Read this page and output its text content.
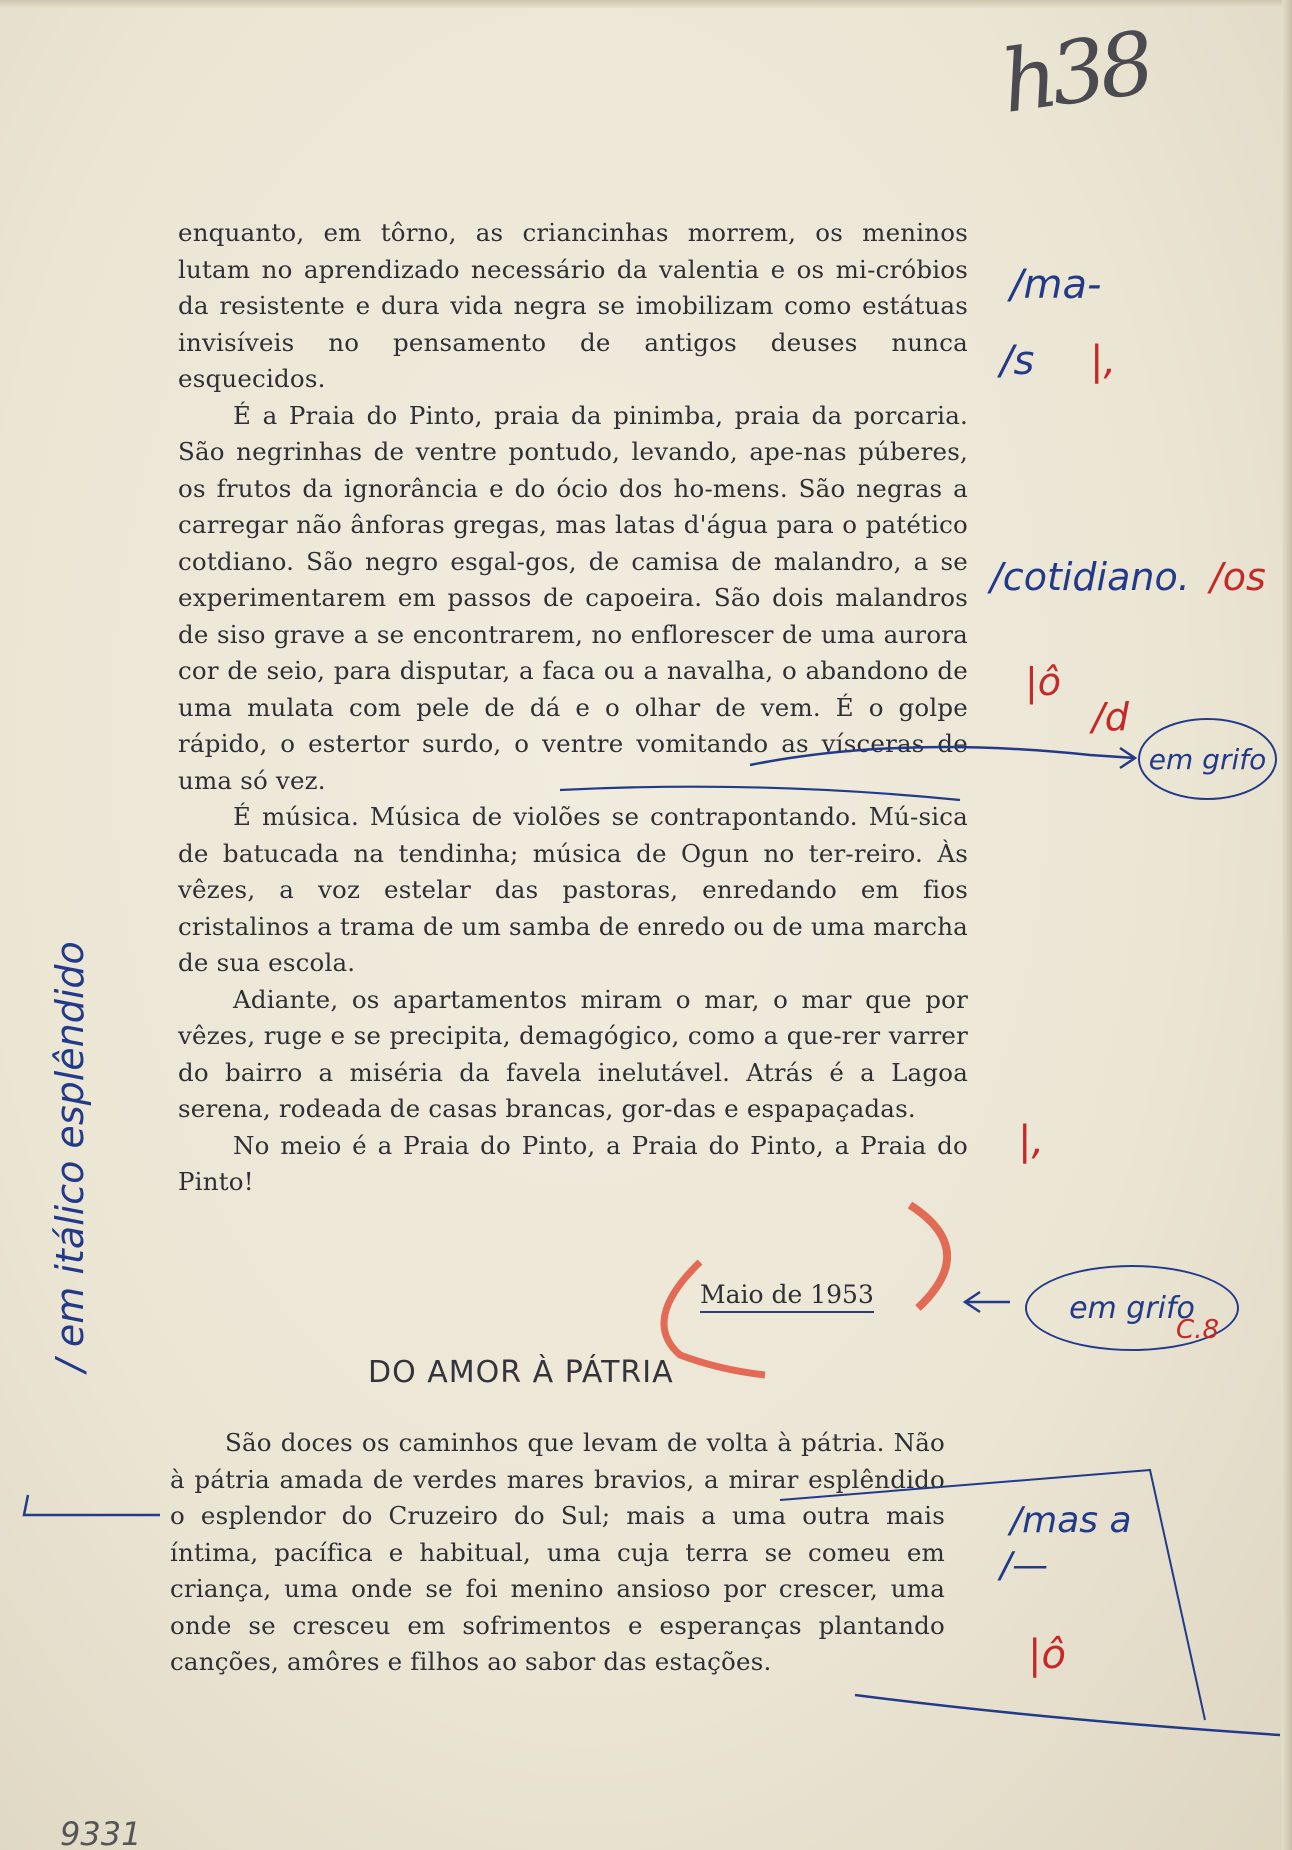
h38

enquanto, em tôrno, as criancinhas morrem, os meninos lutam no aprendizado necessário da valentia e os mi-cróbios da resistente e dura vida negra se imobilizam como estátuas invisíveis no pensamento de antigos deuses nunca esquecidos.

É a Praia do Pinto, praia da pinimba, praia da porcaria. São negrinhas de ventre pontudo, levando, ape-nas púberes, os frutos da ignorância e do ócio dos ho-mens. São negras a carregar não ânforas gregas, mas latas d'água para o patético cotdiano. São negro esgal-gos, de camisa de malandro, a se experimentarem em passos de capoeira. São dois malandros de siso grave a se encontrarem, no enflorescer de uma aurora cor de seio, para disputar, a faca ou a navalha, o abandono de uma mulata com pele de dá e o olhar de vem. É o golpe rápido, o estertor surdo, o ventre vomitando as vísceras de uma só vez.

É música. Música de violões se contrapontando. Mú-sica de batucada na tendinha; música de Ogun no ter-reiro. Às vêzes, a voz estelar das pastoras, enredando em fios cristalinos a trama de um samba de enredo ou de uma marcha de sua escola.

Adiante, os apartamentos miram o mar, o mar que por vêzes, ruge e se precipita, demagógico, como a que-rer varrer do bairro a miséria da favela inelutável. Atrás é a Lagoa serena, rodeada de casas brancas, gor-das e espapaçadas.

No meio é a Praia do Pinto, a Praia do Pinto, a Praia do Pinto!

Maio de 1953
DO AMOR À PÁTRIA

São doces os caminhos que levam de volta à pátria. Não à pátria amada de verdes mares bravios, a mirar esplêndido o esplendor do Cruzeiro do Sul; mais a uma outra mais íntima, pacífica e habitual, uma cuja terra se comeu em criança, uma onde se foi menino ansioso por crescer, uma onde se cresceu em sofrimentos e esperanças plantando canções, amôres e filhos ao sabor das estações.

/ma-
/s |,
/cotidiano. /os
|ô
/d
em grifo
|,
em grifo
C.8
/mas a
/—
|ô
/ em itálico esplêndido
9331
